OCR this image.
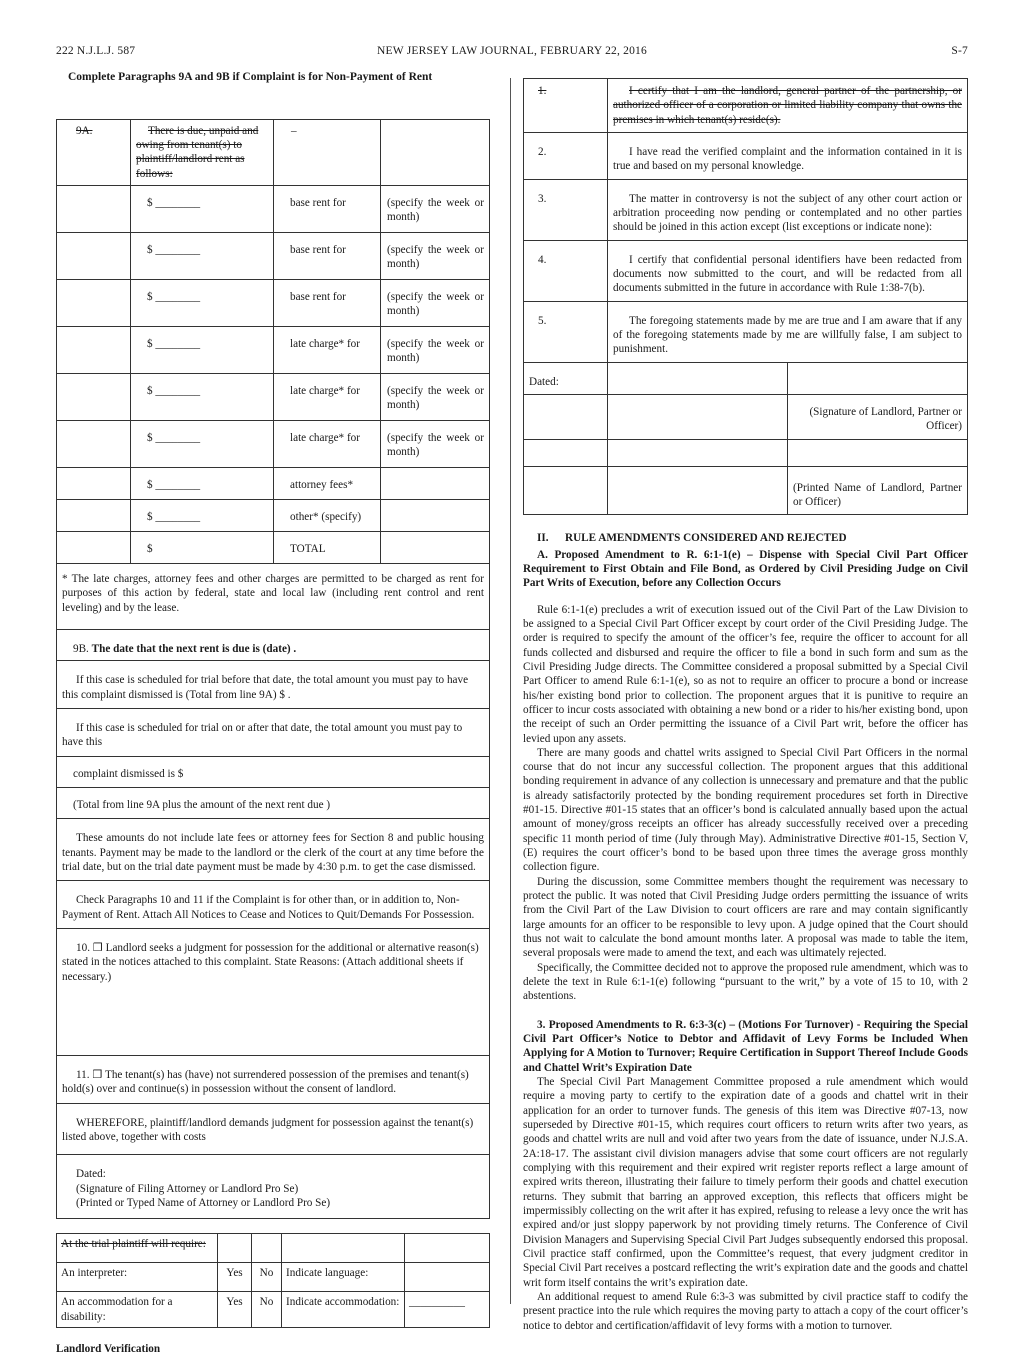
222 N.J.L.J. 587	NEW JERSEY LAW JOURNAL, FEBRUARY 22, 2016	S-7
Complete Paragraphs 9A and 9B if Complaint is for Non-Payment of Rent
9A.	There is due, unpaid and owing from tenant(s) to plaintiff/landlord rent as follows:	–	
	$ ________	base rent for	(specify the week or month)
	$ ________	base rent for	(specify the week or month)
	$ ________	base rent for	(specify the week or month)
	$ ________	late charge* for	(specify the week or month)
	$ ________	late charge* for	(specify the week or month)
	$ ________	late charge* for	(specify the week or month)
	$ ________	attorney fees*	
	$ ________	other* (specify)	
	$	TOTAL	
* The late charges, attorney fees and other charges are permitted to be charged as rent for purposes of this action by federal, state and local law (including rent control and rent leveling) and by the lease.
9B. The date that the next rent is due is (date) .
If this case is scheduled for trial before that date, the total amount you must pay to have this complaint dismissed is (Total from line 9A) $ .
If this case is scheduled for trial on or after that date, the total amount you must pay to have this
complaint dismissed is $
(Total from line 9A plus the amount of the next rent due )
These amounts do not include late fees or attorney fees for Section 8 and public housing tenants. Payment may be made to the landlord or the clerk of the court at any time before the trial date, but on the trial date payment must be made by 4:30 p.m. to get the case dismissed.
Check Paragraphs 10 and 11 if the Complaint is for other than, or in addition to, Non-Payment of Rent. Attach All Notices to Cease and Notices to Quit/Demands For Possession.
10. ❒ Landlord seeks a judgment for possession for the additional or alternative reason(s) stated in the notices attached to this complaint. State Reasons: (Attach additional sheets if necessary.)
11. ❒ The tenant(s) has (have) not surrendered possession of the premises and tenant(s) hold(s) over and continue(s) in possession without the consent of landlord.
WHEREFORE, plaintiff/landlord demands judgment for possession against the tenant(s) listed above, together with costs
Dated:
(Signature of Filing Attorney or Landlord Pro Se)
(Printed or Typed Name of Attorney or Landlord Pro Se)
At the trial plaintiff will require:				
An interpreter:	Yes	No	Indicate language:	
An accommodation for a disability:	Yes	No	Indicate accommodation:	__________
Landlord Verification
1.	I certify that I am the landlord, general partner of the partnership, or authorized officer of a corporation or limited liability company that owns the premises in which tenant(s) reside(s).	
2.	I have read the verified complaint and the information contained in it is true and based on my personal knowledge.	
3.	The matter in controversy is not the subject of any other court action or arbitration proceeding now pending or contemplated and no other parties should be joined in this action except (list exceptions or indicate none):	
4.	I certify that confidential personal identifiers have been redacted from documents now submitted to the court, and will be redacted from all documents submitted in the future in accordance with Rule 1:38-7(b).	
5.	The foregoing statements made by me are true and I am aware that if any of the foregoing statements made by me are willfully false, I am subject to punishment.	
Dated:		
		(Signature of Landlord, Partner or Officer)

		(Printed Name of Landlord, Partner or Officer)
II. RULE AMENDMENTS CONSIDERED AND REJECTED
A. Proposed Amendment to R. 6:1-1(e) – Dispense with Special Civil Part Officer Requirement to First Obtain and File Bond, as Ordered by Civil Presiding Judge on Civil Part Writs of Execution, before any Collection Occurs

Rule 6:1-1(e) precludes a writ of execution issued out of the Civil Part of the Law Division to be assigned to a Special Civil Part Officer except by court order of the Civil Presiding Judge. The order is required to specify the amount of the officer’s fee, require the officer to account for all funds collected and disbursed and require the officer to file a bond in such form and sum as the Civil Presiding Judge directs. The Committee considered a proposal submitted by a Special Civil Part Officer to amend Rule 6:1-1(e), so as not to require an officer to procure a bond or increase his/her existing bond prior to collection. The proponent argues that it is punitive to require an officer to incur costs associated with obtaining a new bond or a rider to his/her existing bond, upon the receipt of such an Order permitting the issuance of a Civil Part writ, before the officer has levied upon any assets.

There are many goods and chattel writs assigned to Special Civil Part Officers in the normal course that do not incur any successful collection. The proponent argues that this additional bonding requirement in advance of any collection is unnecessary and premature and that the public is already satisfactorily protected by the bonding requirement procedures set forth in Directive #01-15. Directive #01-15 states that an officer’s bond is calculated annually based upon the actual amount of money/gross receipts an officer has already successfully received over a preceding specific 11 month period of time (July through May). Administrative Directive #01-15, Section V, (E) requires the court officer’s bond to be based upon three times the average gross monthly collection figure.

During the discussion, some Committee members thought the requirement was necessary to protect the public. It was noted that Civil Presiding Judge orders permitting the issuance of writs from the Civil Part of the Law Division to court officers are rare and may contain significantly large amounts for an officer to be responsible to levy upon. A judge opined that the Court should thus not wait to calculate the bond amount months later. A proposal was made to table the item, several proposals were made to amend the text, and each was ultimately rejected.

Specifically, the Committee decided not to approve the proposed rule amendment, which was to delete the text in Rule 6:1-1(e) following “pursuant to the writ,” by a vote of 15 to 10, with 2 abstentions.

3. Proposed Amendments to R. 6:3-3(c) – (Motions For Turnover) - Requiring the Special Civil Part Officer’s Notice to Debtor and Affidavit of Levy Forms be Included When Applying for A Motion to Turnover; Require Certification in Support Thereof Include Goods and Chattel Writ’s Expiration Date

The Special Civil Part Management Committee proposed a rule amendment which would require a moving party to certify to the expiration date of a goods and chattel writ in their application for an order to turnover funds. The genesis of this item was Directive #07-13, now superseded by Directive #01-15, which requires court officers to return writs after two years, as goods and chattel writs are null and void after two years from the date of issuance, under N.J.S.A. 2A:18-17. The assistant civil division managers advise that some court officers are not regularly complying with this requirement and their expired writ register reports reflect a large amount of expired writs thereon, illustrating their failure to timely perform their goods and chattel execution returns. They submit that barring an approved exception, this reflects that officers might be impermissibly collecting on the writ after it has expired, refusing to release a levy once the writ has expired and/or just sloppy paperwork by not providing timely returns. The Conference of Civil Division Managers and Supervising Special Civil Part Judges subsequently endorsed this proposal. Civil practice staff confirmed, upon the Committee’s request, that every judgment creditor in Special Civil Part receives a postcard reflecting the writ’s expiration date and the goods and chattel writ form itself contains the writ’s expiration date.

An additional request to amend Rule 6:3-3 was submitted by civil practice staff to codify the present practice into the rule which requires the moving party to attach a copy of the court officer’s notice to debtor and certification/affidavit of levy forms with a motion to turnover.
